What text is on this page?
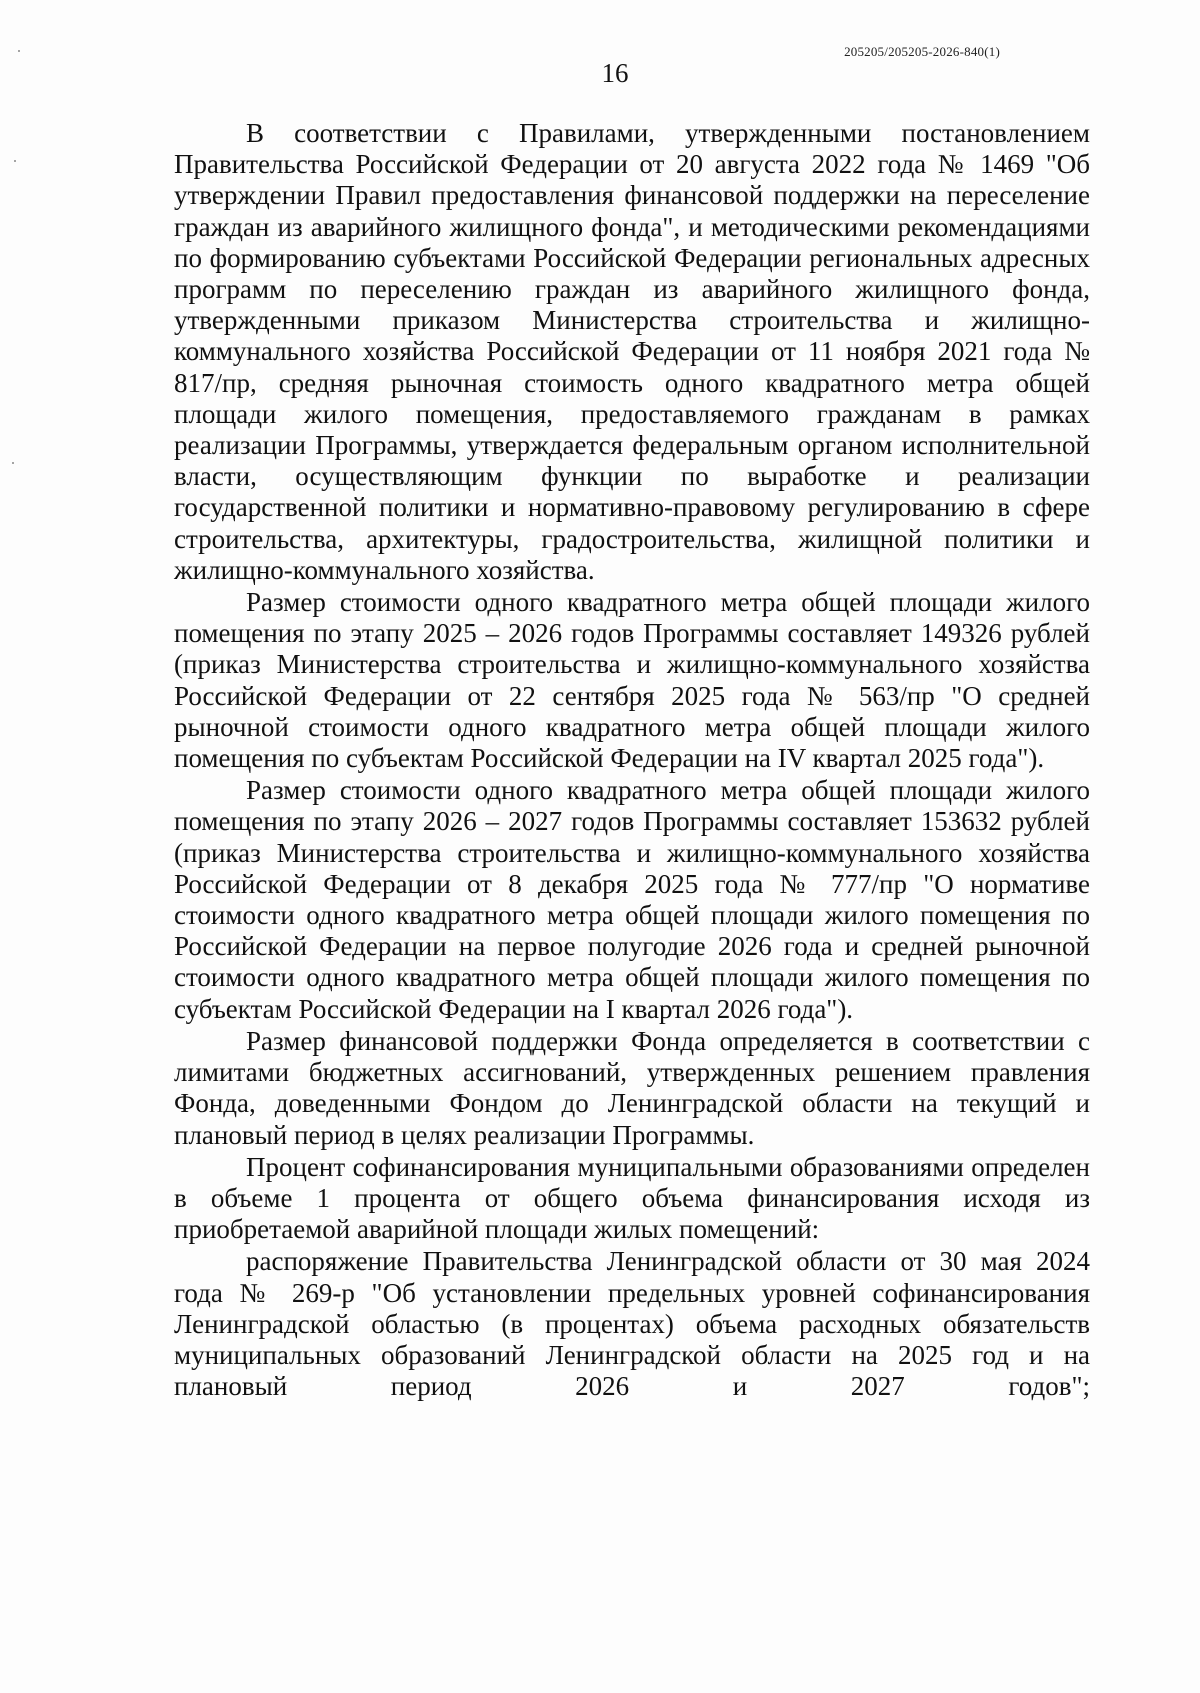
205205/205205-2026-840(1)
16

В соответствии с Правилами, утвержденными постановлением Правительства Российской Федерации от 20 августа 2022 года № 1469 "Об утверждении Правил предоставления финансовой поддержки на переселение граждан из аварийного жилищного фонда", и методическими рекомендациями по формированию субъектами Российской Федерации региональных адресных программ по переселению граждан из аварийного жилищного фонда, утвержденными приказом Министерства строительства и жилищно-коммунального хозяйства Российской Федерации от 11 ноября 2021 года № 817/пр, средняя рыночная стоимость одного квадратного метра общей площади жилого помещения, предоставляемого гражданам в рамках реализации Программы, утверждается федеральным органом исполнительной власти, осуществляющим функции по выработке и реализации государственной политики и нормативно-правовому регулированию в сфере строительства, архитектуры, градостроительства, жилищной политики и жилищно-коммунального хозяйства.

Размер стоимости одного квадратного метра общей площади жилого помещения по этапу 2025 – 2026 годов Программы составляет 149326 рублей (приказ Министерства строительства и жилищно-коммунального хозяйства Российской Федерации от 22 сентября 2025 года № 563/пр "О средней рыночной стоимости одного квадратного метра общей площади жилого помещения по субъектам Российской Федерации на IV квартал 2025 года").

Размер стоимости одного квадратного метра общей площади жилого помещения по этапу 2026 – 2027 годов Программы составляет 153632 рублей (приказ Министерства строительства и жилищно-коммунального хозяйства Российской Федерации от 8 декабря 2025 года № 777/пр "О нормативе стоимости одного квадратного метра общей площади жилого помещения по Российской Федерации на первое полугодие 2026 года и средней рыночной стоимости одного квадратного метра общей площади жилого помещения по субъектам Российской Федерации на I квартал 2026 года").

Размер финансовой поддержки Фонда определяется в соответствии с лимитами бюджетных ассигнований, утвержденных решением правления Фонда, доведенными Фондом до Ленинградской области на текущий и плановый период в целях реализации Программы.

Процент софинансирования муниципальными образованиями определен в объеме 1 процента от общего объема финансирования исходя из приобретаемой аварийной площади жилых помещений:

распоряжение Правительства Ленинградской области от 30 мая 2024 года № 269-р "Об установлении предельных уровней софинансирования Ленинградской областью (в процентах) объема расходных обязательств муниципальных образований Ленинградской области на 2025 год и на плановый период 2026 и 2027 годов";
